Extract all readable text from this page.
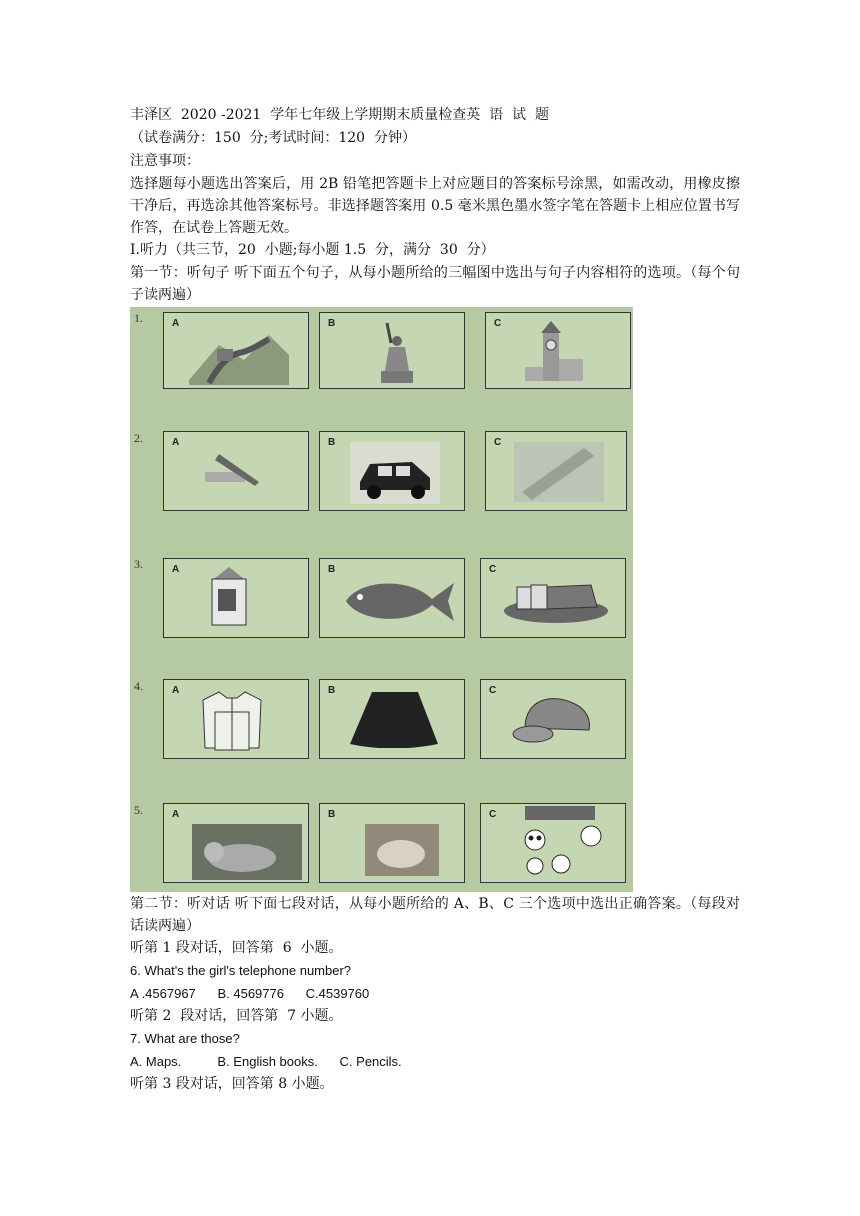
丰泽区  2020 -2021  学年七年级上学期期末质量检查英  语  试  题

（试卷满分：150  分;考试时间：120  分钟）

注意事项：

选择题每小题选出答案后，用 2B 铅笔把答题卡上对应题目的答案标号涂黑，如需改动，用橡皮擦干净后，再选涂其他答案标号。非选择题答案用 0.5 毫米黑色墨水签字笔在答题卡上相应位置书写作答，在试卷上答题无效。

I.听力（共三节，20  小题;每小题 1.5  分，满分  30  分）

第一节：听句子 听下面五个句子，从每小题所给的三幅图中选出与句子内容相符的选项。（每个句子读两遍）

1.	A	B	C
2.	A	B	C
3.	A	B	C
4.	A	B	C
5.	A	B	C

第二节：听对话 听下面七段对话，从每小题所给的 A、B、C 三个选项中选出正确答案。（每段对话读两遍）

听第 1 段对话，回答第  6  小题。

6. What's the girl's telephone number?

A .4567967      B. 4569776      C.4539760

听第 2  段对话，回答第  7 小题。

7. What are those?

A. Maps.          B. English books.      C. Pencils.

听第 3 段对话，回答第 8 小题。
